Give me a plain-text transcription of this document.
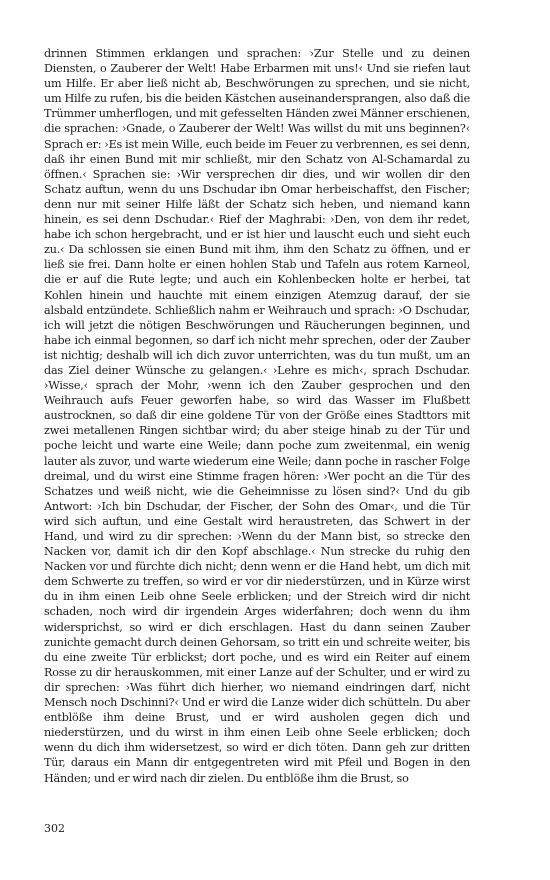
drinnen Stimmen erklangen und sprachen: ›Zur Stelle und zu deinen Diensten, o Zauberer der Welt! Habe Erbarmen mit uns!‹ Und sie riefen laut um Hilfe. Er aber ließ nicht ab, Beschwörungen zu sprechen, und sie nicht, um Hilfe zu rufen, bis die beiden Kästchen auseinandersprangen, also daß die Trümmer umherflogen, und mit gefesselten Händen zwei Männer erschienen, die sprachen: ›Gnade, o Zauberer der Welt! Was willst du mit uns beginnen?‹ Sprach er: ›Es ist mein Wille, euch beide im Feuer zu verbrennen, es sei denn, daß ihr einen Bund mit mir schließt, mir den Schatz von Al-Schamardal zu öffnen.‹ Sprachen sie: ›Wir versprechen dir dies, und wir wollen dir den Schatz auftun, wenn du uns Dschudar ibn Omar herbeischaffst, den Fischer; denn nur mit seiner Hilfe läßt der Schatz sich heben, und niemand kann hinein, es sei denn Dschudar.‹ Rief der Maghrabi: ›Den, von dem ihr redet, habe ich schon hergebracht, und er ist hier und lauscht euch und sieht euch zu.‹ Da schlossen sie einen Bund mit ihm, ihm den Schatz zu öffnen, und er ließ sie frei. Dann holte er einen hohlen Stab und Tafeln aus rotem Karneol, die er auf die Rute legte; und auch ein Kohlenbecken holte er herbei, tat Kohlen hinein und hauchte mit einem einzigen Atemzug darauf, der sie alsbald entzündete. Schließlich nahm er Weihrauch und sprach: ›O Dschudar, ich will jetzt die nötigen Beschwörungen und Räucherungen beginnen, und habe ich einmal begonnen, so darf ich nicht mehr sprechen, oder der Zauber ist nichtig; deshalb will ich dich zuvor unterrichten, was du tun mußt, um an das Ziel deiner Wünsche zu gelangen.‹ ›Lehre es mich‹, sprach Dschudar. ›Wisse,‹ sprach der Mohr, ›wenn ich den Zauber gesprochen und den Weihrauch aufs Feuer geworfen habe, so wird das Wasser im Flußbett austrocknen, so daß dir eine goldene Tür von der Größe eines Stadttors mit zwei metallenen Ringen sichtbar wird; du aber steige hinab zu der Tür und poche leicht und warte eine Weile; dann poche zum zweitenmal, ein wenig lauter als zuvor, und warte wiederum eine Weile; dann poche in rascher Folge dreimal, und du wirst eine Stimme fragen hören: ›Wer pocht an die Tür des Schatzes und weiß nicht, wie die Geheimnisse zu lösen sind?‹ Und du gib Antwort: ›Ich bin Dschudar, der Fischer, der Sohn des Omar‹, und die Tür wird sich auftun, und eine Gestalt wird heraustreten, das Schwert in der Hand, und wird zu dir sprechen: ›Wenn du der Mann bist, so strecke den Nacken vor, damit ich dir den Kopf abschlage.‹ Nun strecke du ruhig den Nacken vor und fürchte dich nicht; denn wenn er die Hand hebt, um dich mit dem Schwerte zu treffen, so wird er vor dir niederstürzen, und in Kürze wirst du in ihm einen Leib ohne Seele erblicken; und der Streich wird dir nicht schaden, noch wird dir irgendein Arges widerfahren; doch wenn du ihm widersprichst, so wird er dich erschlagen. Hast du dann seinen Zauber zunichte gemacht durch deinen Gehorsam, so tritt ein und schreite weiter, bis du eine zweite Tür erblickst; dort poche, und es wird ein Reiter auf einem Rosse zu dir herauskommen, mit einer Lanze auf der Schulter, und er wird zu dir sprechen: ›Was führt dich hierher, wo niemand eindringen darf, nicht Mensch noch Dschinni?‹ Und er wird die Lanze wider dich schütteln. Du aber entblöße ihm deine Brust, und er wird ausholen gegen dich und niederstürzen, und du wirst in ihm einen Leib ohne Seele erblicken; doch wenn du dich ihm widersetzest, so wird er dich töten. Dann geh zur dritten Tür, daraus ein Mann dir entgegentreten wird mit Pfeil und Bogen in den Händen; und er wird nach dir zielen. Du entblöße ihm die Brust, so

302
